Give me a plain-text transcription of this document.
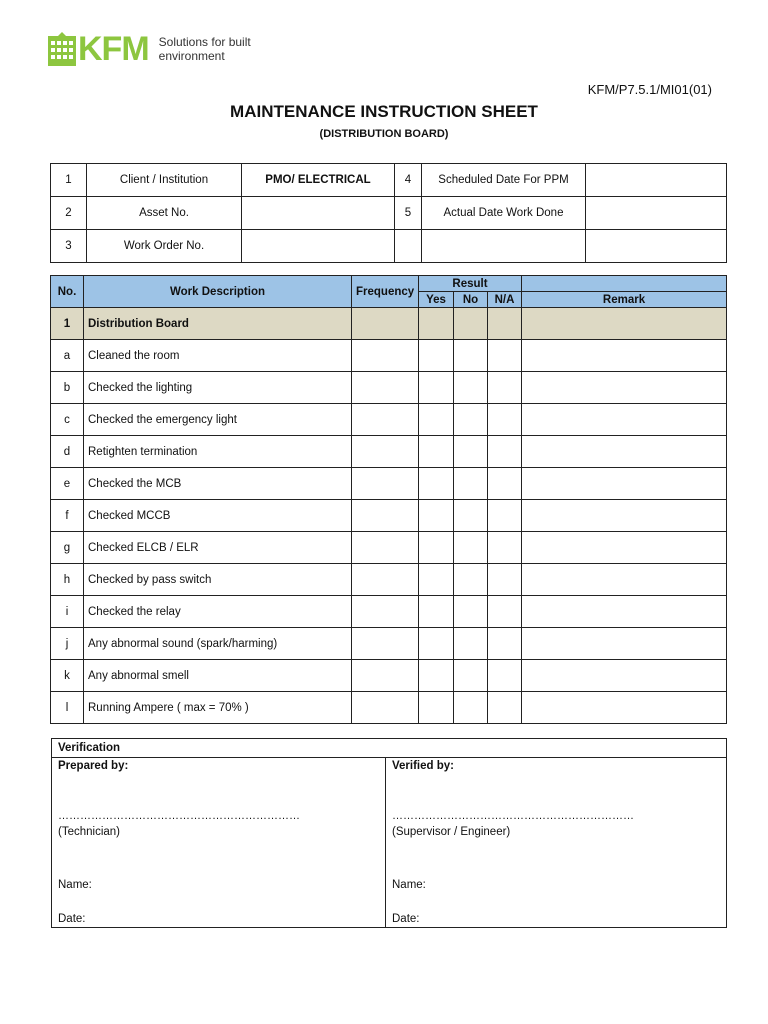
KFM Solutions for built
environment
KFM/P7.5.1/MI01(01)
MAINTENANCE INSTRUCTION SHEET
(DISTRIBUTION BOARD)
1	Client / Institution	PMO/ ELECTRICAL	4	Scheduled Date For PPM	
2	Asset No.		5	Actual Date Work Done	
3	Work Order No.				
No.	Work Description	Frequency	Result			
			Yes	No	N/A	Remark
1	Distribution Board					
a	Cleaned the room					
b	Checked the lighting					
c	Checked the emergency light					
d	Retighten termination					
e	Checked the MCB					
f	Checked MCCB					
g	Checked ELCB / ELR					
h	Checked by pass switch					
i	Checked the relay					
j	Any abnormal sound (spark/harming)					
k	Any abnormal smell					
l	Running Ampere ( max = 70% )					
Verification
Prepared by:
…………………………………………………………
(Technician)
Name:
Date:
Verified by:
…………………………………………………………
(Supervisor / Engineer)
Name:
Date:
